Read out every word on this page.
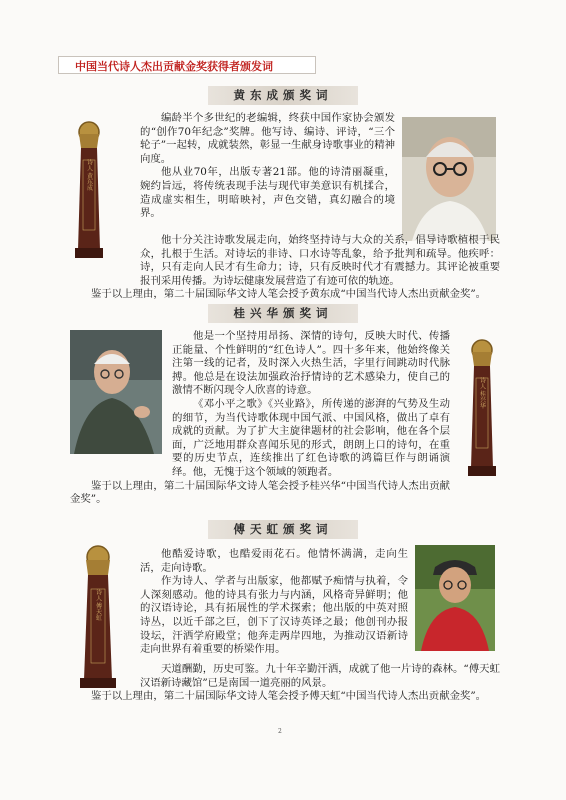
中国当代诗人杰出贡献金奖获得者颁发词
黄东成颁奖词
诗人 黄东成

编龄半个多世纪的老编辑，终获中国作家协会颁发的“创作70年纪念”奖牌。他写诗、编诗、评诗，“三个轮子”一起转，成就装然，彰显一生献身诗歌事业的精神向度。

他从业70年，出版专著21部。他的诗清丽凝重，婉约旨远，将传统表现手法与现代审美意识有机揉合，造成虚实相生，明暗映衬，声色交错，真幻融合的境界。

他十分关注诗歌发展走向，始终坚持诗与大众的关系，倡导诗歌植根于民众，扎根于生活。对诗坛的非诗、口水诗等乱象，给予批判和疏导。他疾呼：诗，只有走向人民才有生命力；诗，只有反映时代才有震撼力。其评论被重要报刊采用传播。为诗坛健康发展营造了有迹可依的轨迹。

鉴于以上理由，第二十届国际华文诗人笔会授予黄东成“中国当代诗人杰出贡献金奖”。

桂兴华颁奖词
诗人 桂兴华

他是一个坚持用昂扬、深情的诗句，反映大时代、传播正能量、个性鲜明的“红色诗人”。四十多年来，他始终像关注第一线的记者，及时深入火热生活，字里行间跳动时代脉搏。他总是在设法加强政治抒情诗的艺术感染力，使自己的激情不断闪现令人欣喜的诗意。

《邓小平之歌》《兴业路》，所传递的澎湃的气势及生动的细节，为当代诗歌体现中国气派、中国风格，做出了卓有成就的贡献。为了扩大主旋律题材的社会影响，他在各个层面，广泛地用群众喜闻乐见的形式，朗朗上口的诗句，在重要的历史节点，连续推出了红色诗歌的鸿篇巨作与朗诵演绎。他，无愧于这个领域的领跑者。

鉴于以上理由，第二十届国际华文诗人笔会授予桂兴华“中国当代诗人杰出贡献金奖”。

傅天虹颁奖词
诗人 傅天虹

他酷爱诗歌，也酷爱雨花石。他情怀满满，走向生活，走向诗歌。

作为诗人、学者与出版家，他都赋予痴情与执着，令人深刻感动。他的诗具有张力与内涵，风格奇异鲜明；他的汉语诗论，具有拓展性的学术探索；他出版的中英对照诗丛，以近千部之巨，创下了汉诗英译之最；他创刊办报设坛，汗洒学府殿堂；他奔走两岸四地，为推动汉语新诗走向世界有着重要的桥梁作用。

天道酬勤，历史可鉴。九十年辛勤汗洒，成就了他一片诗的森林。“傅天虹汉语新诗藏馆”已是南国一道亮丽的风景。

鉴于以上理由，第二十届国际华文诗人笔会授予傅天虹“中国当代诗人杰出贡献金奖”。

2
